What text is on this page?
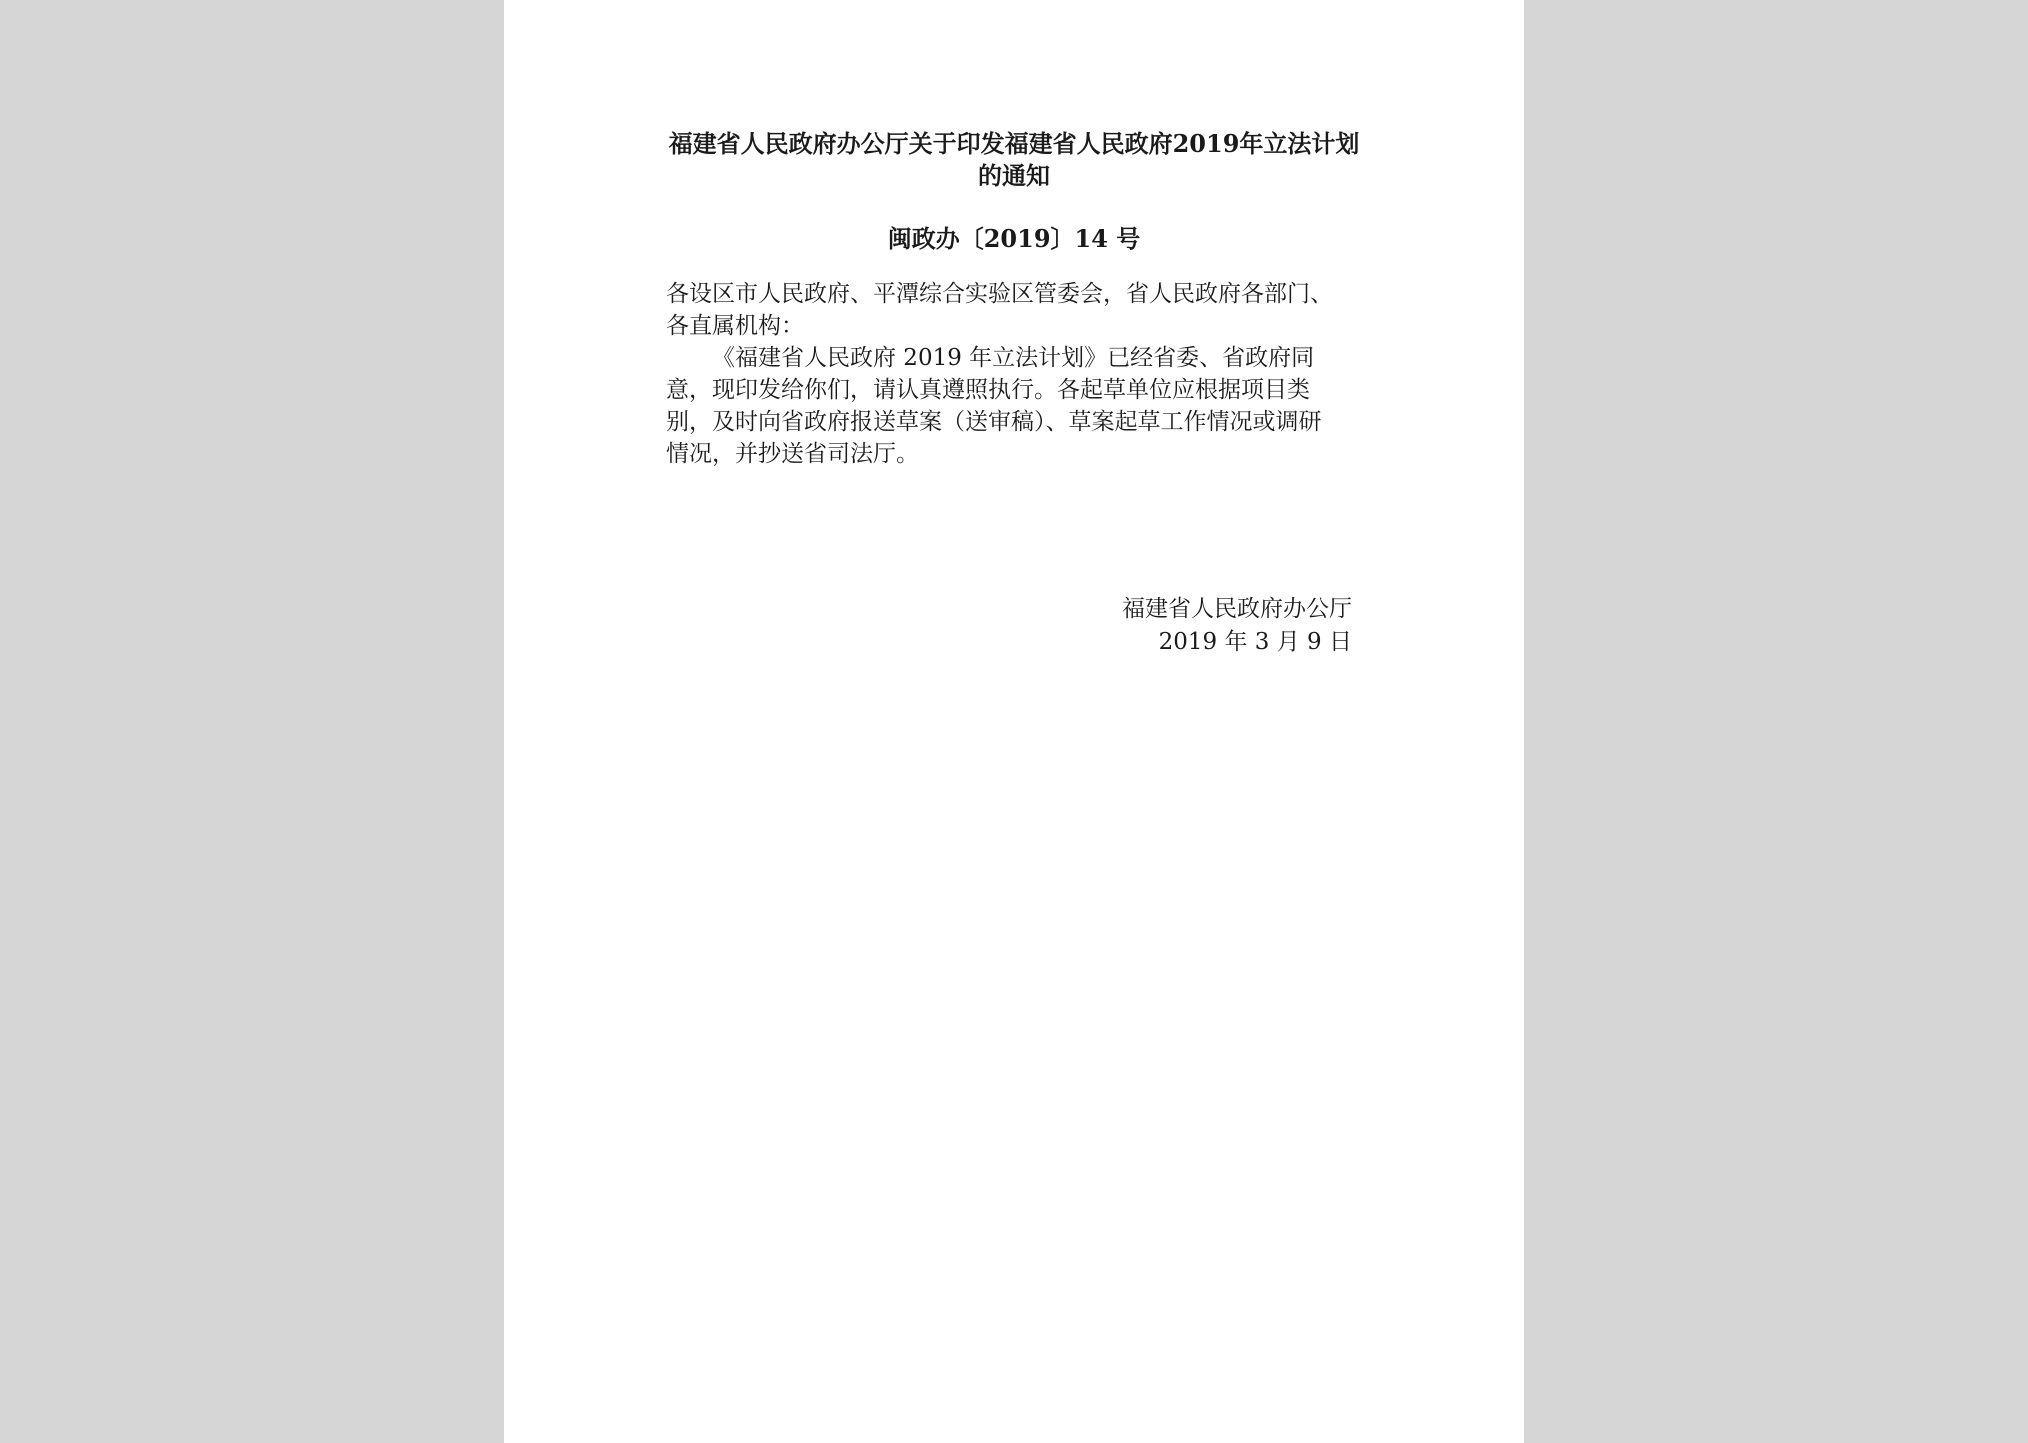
福建省人民政府办公厅关于印发福建省人民政府2019年立法计划
的通知
闽政办〔2019〕14 号
各设区市人民政府、平潭综合实验区管委会，省人民政府各部门、
各直属机构：
《福建省人民政府 2019 年立法计划》已经省委、省政府同
意，现印发给你们，请认真遵照执行。各起草单位应根据项目类
别，及时向省政府报送草案（送审稿）、草案起草工作情况或调研
情况，并抄送省司法厅。
福建省人民政府办公厅
2019 年 3 月 9 日
